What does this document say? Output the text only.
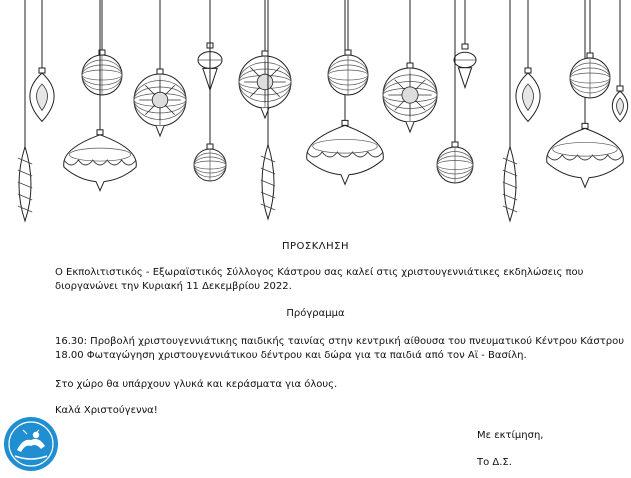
ΠΡΟΣΚΛΗΣΗ
Ο Εκπολιτιστικός - Εξωραϊστικός Σύλλογος Κάστρου σας καλεί στις χριστουγεννιάτικες εκδηλώσεις που
διοργανώνει την Κυριακή 11 Δεκεμβρίου 2022.
Πρόγραμμα
16.30: Προβολή χριστουγεννιάτικης παιδικής ταινίας στην κεντρική αίθουσα του πνευματικού Κέντρου Κάστρου
18.00 Φωταγώγηση χριστουγεννιάτικου δέντρου και δώρα για τα παιδιά από τον Αϊ - Βασίλη.
Στο χώρο θα υπάρχουν γλυκά και κεράσματα για όλους.
Καλά Χριστούγεννα!
Με εκτίμηση,
Το Δ.Σ.
